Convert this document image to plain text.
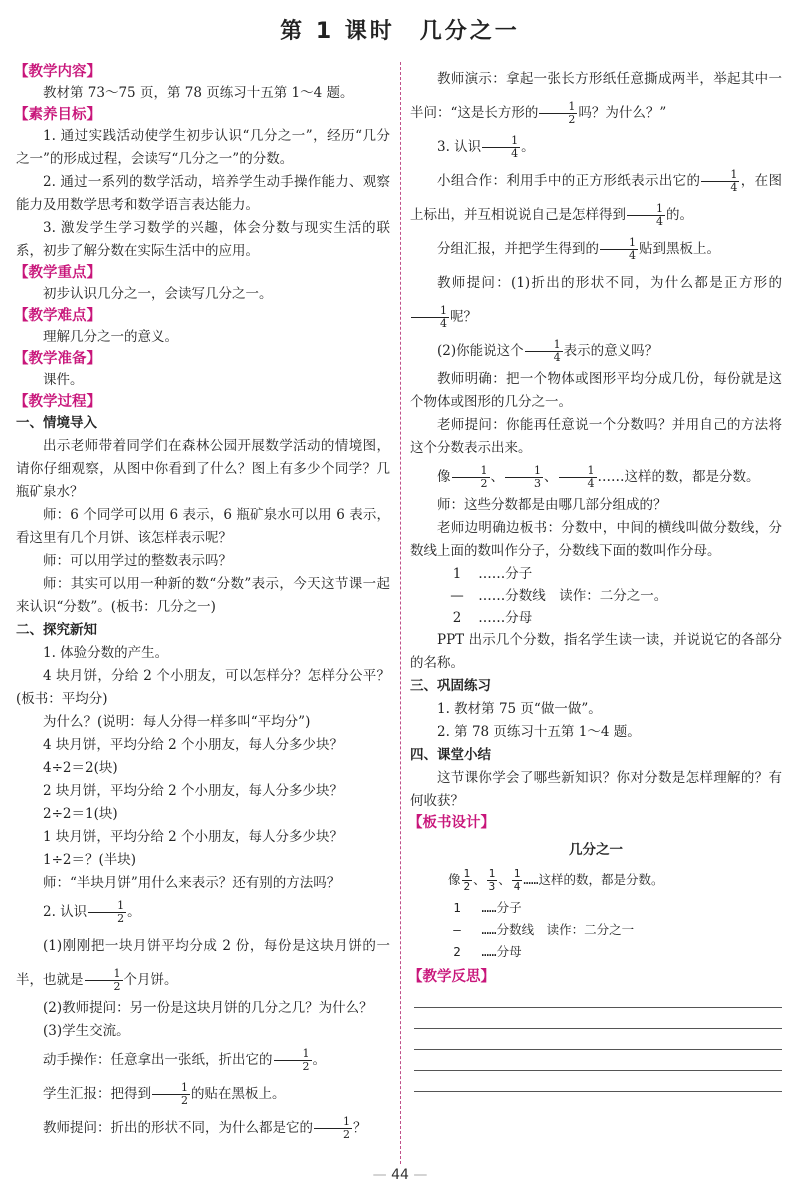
第 1 课时　几分之一
【教学内容】
教材第 73～75 页，第 78 页练习十五第 1～4 题。
【素养目标】
1. 通过实践活动使学生初步认识“几分之一”，经历“几分之一”的形成过程，会读写“几分之一”的分数。
2. 通过一系列的数学活动，培养学生动手操作能力、观察能力及用数学思考和数学语言表达能力。
3. 激发学生学习数学的兴趣，体会分数与现实生活的联系，初步了解分数在实际生活中的应用。
【教学重点】
初步认识几分之一，会读写几分之一。
【教学难点】
理解几分之一的意义。
【教学准备】
课件。
【教学过程】
一、情境导入
出示老师带着同学们在森林公园开展数学活动的情境图，请你仔细观察，从图中你看到了什么？图上有多少个同学？几瓶矿泉水？
师：6 个同学可以用 6 表示，6 瓶矿泉水可以用 6 表示，看这里有几个月饼、该怎样表示呢？
师：可以用学过的整数表示吗？
师：其实可以用一种新的数“分数”表示，今天这节课一起来认识“分数”。(板书：几分之一)
二、探究新知
1. 体验分数的产生。
4 块月饼，分给 2 个小朋友，可以怎样分？怎样分公平？(板书：平均分)
为什么？(说明：每人分得一样多叫“平均分”)
4 块月饼，平均分给 2 个小朋友，每人分多少块？
4÷2＝2(块)
2 块月饼，平均分给 2 个小朋友，每人分多少块？
2÷2＝1(块)
1 块月饼，平均分给 2 个小朋友，每人分多少块？
1÷2＝？(半块)
师：“半块月饼”用什么来表示？还有别的方法吗？
2. 认识 $\frac{1}{2}$ 。
(1)刚刚把一块月饼平均分成 2 份，每份是这块月饼的一半，也就是 $\frac{1}{2}$ 个月饼。
(2)教师提问：另一份是这块月饼的几分之几？为什么？
(3)学生交流。
动手操作：任意拿出一张纸，折出它的 $\frac{1}{2}$ 。
学生汇报：把得到 $\frac{1}{2}$ 的贴在黑板上。
教师提问：折出的形状不同，为什么都是它的 $\frac{1}{2}$ ？
教师演示：拿起一张长方形纸任意撕成两半，举起其中一半问：“这是长方形的 $\frac{1}{2}$ 吗？为什么？”
3. 认识 $\frac{1}{4}$ 。
小组合作：利用手中的正方形纸表示出它的 $\frac{1}{4}$ ，在图上标出，并互相说说自己是怎样得到 $\frac{1}{4}$ 的。
分组汇报，并把学生得到的 $\frac{1}{4}$ 贴到黑板上。
教师提问：(1)折出的形状不同，为什么都是正方形的
$\frac{1}{4}$ 呢？
(2)你能说这个 $\frac{1}{4}$ 表示的意义吗？
教师明确：把一个物体或图形平均分成几份，每份就是这个物体或图形的几分之一。
老师提问：你能再任意说一个分数吗？并用自己的方法将这个分数表示出来。
像 $\frac{1}{2}$ 、 $\frac{1}{3}$ 、 $\frac{1}{4}$ ……这样的数，都是分数。
师：这些分数都是由哪几部分组成的？
老师边明确边板书：分数中，中间的横线叫做分数线，分数线上面的数叫作分子，分数线下面的数叫作分母。
1 ……分子
— ……分数线　读作：二分之一。
2 ……分母
PPT 出示几个分数，指名学生读一读，并说说它的各部分的名称。
三、巩固练习
1. 教材第 75 页“做一做”。
2. 第 78 页练习十五第 1～4 题。
四、课堂小结
这节课你学会了哪些新知识？你对分数是怎样理解的？有何收获？
【板书设计】
几分之一
像 $\frac{1}{2}$ 、 $\frac{1}{3}$ 、 $\frac{1}{4}$ ……这样的数，都是分数。
1 ……分子
— ……分数线　读作：二分之一
2 ……分母
【教学反思】
— 44 —
